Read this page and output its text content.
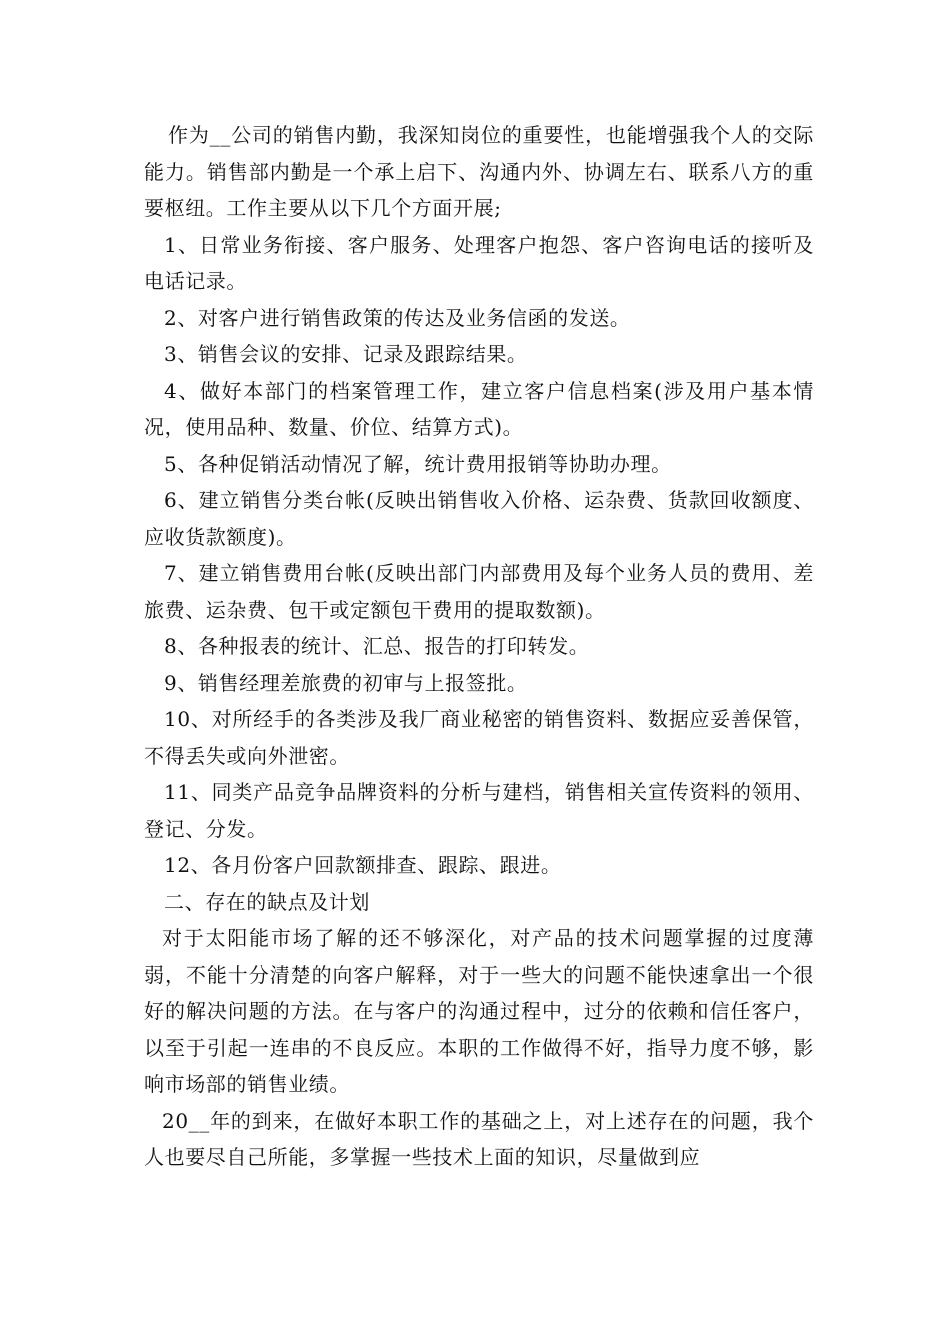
作为__公司的销售内勤，我深知岗位的重要性，也能增强我个人的交际能力。销售部内勤是一个承上启下、沟通内外、协调左右、联系八方的重要枢纽。工作主要从以下几个方面开展;

1、日常业务衔接、客户服务、处理客户抱怨、客户咨询电话的接听及电话记录。

2、对客户进行销售政策的传达及业务信函的发送。

3、销售会议的安排、记录及跟踪结果。

4、做好本部门的档案管理工作，建立客户信息档案(涉及用户基本情况，使用品种、数量、价位、结算方式)。

5、各种促销活动情况了解，统计费用报销等协助办理。

6、建立销售分类台帐(反映出销售收入价格、运杂费、货款回收额度、应收货款额度)。

7、建立销售费用台帐(反映出部门内部费用及每个业务人员的费用、差旅费、运杂费、包干或定额包干费用的提取数额)。

8、各种报表的统计、汇总、报告的打印转发。

9、销售经理差旅费的初审与上报签批。

10、对所经手的各类涉及我厂商业秘密的销售资料、数据应妥善保管，不得丢失或向外泄密。

11、同类产品竞争品牌资料的分析与建档，销售相关宣传资料的领用、登记、分发。

12、各月份客户回款额排查、跟踪、跟进。

二、存在的缺点及计划

对于太阳能市场了解的还不够深化，对产品的技术问题掌握的过度薄弱，不能十分清楚的向客户解释，对于一些大的问题不能快速拿出一个很好的解决问题的方法。在与客户的沟通过程中，过分的依赖和信任客户，以至于引起一连串的不良反应。本职的工作做得不好，指导力度不够，影响市场部的销售业绩。

20__年的到来，在做好本职工作的基础之上，对上述存在的问题，我个人也要尽自己所能，多掌握一些技术上面的知识，尽量做到应
